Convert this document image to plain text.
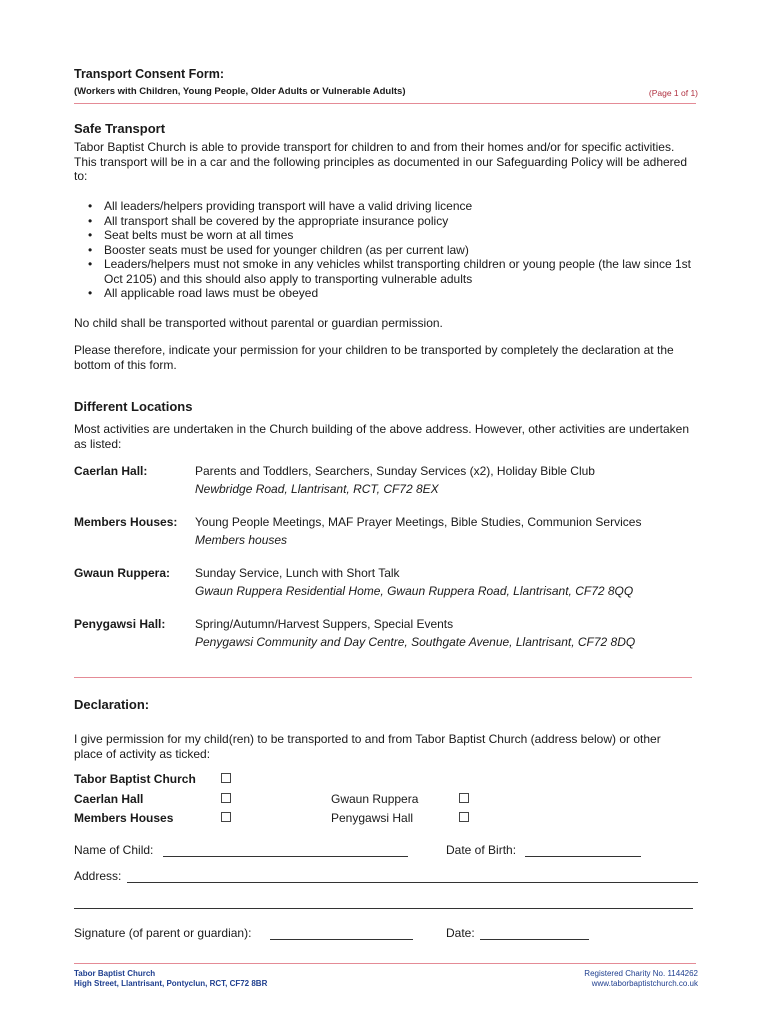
Transport Consent Form:
(Workers with Children, Young People, Older Adults or Vulnerable Adults)	(Page 1 of 1)
Safe Transport

Tabor Baptist Church is able to provide transport for children to and from their homes and/or for specific activities. This transport will be in a car and the following principles as documented in our Safeguarding Policy will be adhered to:

• All leaders/helpers providing transport will have a valid driving licence
• All transport shall be covered by the appropriate insurance policy
• Seat belts must be worn at all times
• Booster seats must be used for younger children (as per current law)
• Leaders/helpers must not smoke in any vehicles whilst transporting children or young people (the law since 1st Oct 2105) and this should also apply to transporting vulnerable adults
• All applicable road laws must be obeyed

No child shall be transported without parental or guardian permission.

Please therefore, indicate your permission for your children to be transported by completely the declaration at the bottom of this form.

Different Locations

Most activities are undertaken in the Church building of the above address. However, other activities are undertaken as listed:

Caerlan Hall:	Parents and Toddlers, Searchers, Sunday Services (x2), Holiday Bible Club
Newbridge Road, Llantrisant, RCT, CF72 8EX
Members Houses: Young People Meetings, MAF Prayer Meetings, Bible Studies, Communion Services
Members houses
Gwaun Ruppera: Sunday Service, Lunch with Short Talk
Gwaun Ruppera Residential Home, Gwaun Ruppera Road, Llantrisant, CF72 8QQ
Penygawsi Hall: Spring/Autumn/Harvest Suppers, Special Events
Penygawsi Community and Day Centre, Southgate Avenue, Llantrisant, CF72 8DQ
Declaration:

I give permission for my child(ren) to be transported to and from Tabor Baptist Church (address below) or other place of activity as ticked:

Tabor Baptist Church
Caerlan Hall	Gwaun Ruppera
Members Houses	Penygawsi Hall
Name of Child:	Date of Birth:
Address:
Signature (of parent or guardian):	Date:
Tabor Baptist Church
High Street, Llantrisant, Pontyclun, RCT, CF72 8BR
Registered Charity No. 1144262
www.taborbaptistchurch.co.uk
